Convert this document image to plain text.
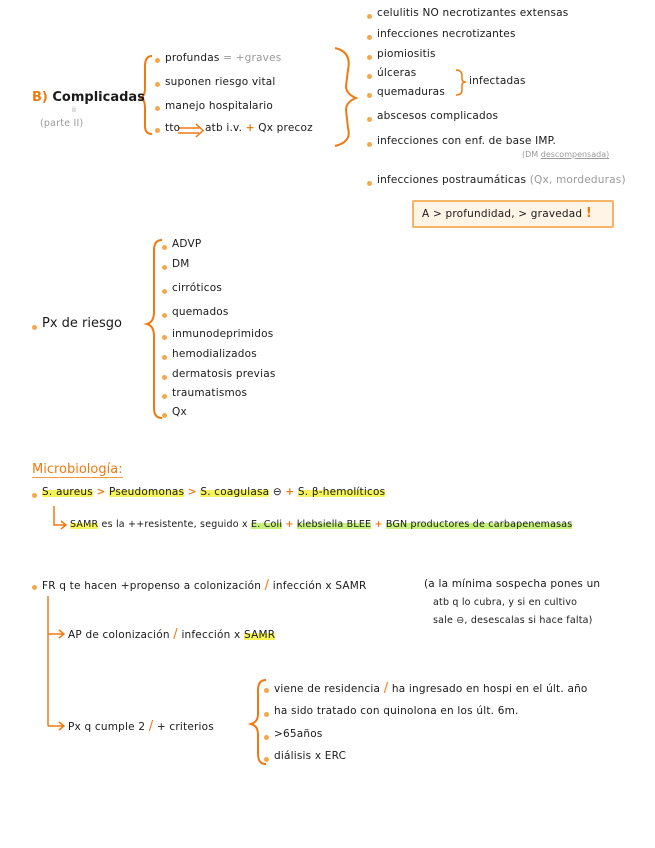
B) Complicadas
ii
(parte II)
profundas = +graves
suponen riesgo vital
manejo hospitalario
tto atb i.v. + Qx precoz
celulitis NO necrotizantes extensas
infecciones necrotizantes
piomiositis
úlceras
quemaduras
infectadas
abscesos complicados
infecciones con enf. de base IMP.
(DM descompensada)
infecciones postraumáticas (Qx, mordeduras)
A > profundidad, > gravedad !
Px de riesgo
ADVP
DM
cirróticos
quemados
inmunodeprimidos
hemodializados
dermatosis previas
traumatismos
Qx
Microbiología:
S. aureus > Pseudomonas > S. coagulasa ⊖ + S. β-hemolíticos
SAMR es la ++resistente, seguido x E. Coli + klebsiella BLEE + BGN productores de carbapenemasas
FR q te hacen +propenso a colonización / infección x SAMR	(a la mínima sospecha pones un
atb q lo cubra, y si en cultivo
sale ⊖, desescalas si hace falta)
AP de colonización / infección x SAMR
Px q cumple 2 / + criterios
viene de residencia / ha ingresado en hospi en el últ. año
ha sido tratado con quinolona en los últ. 6m.
>65años
diálisis x ERC
